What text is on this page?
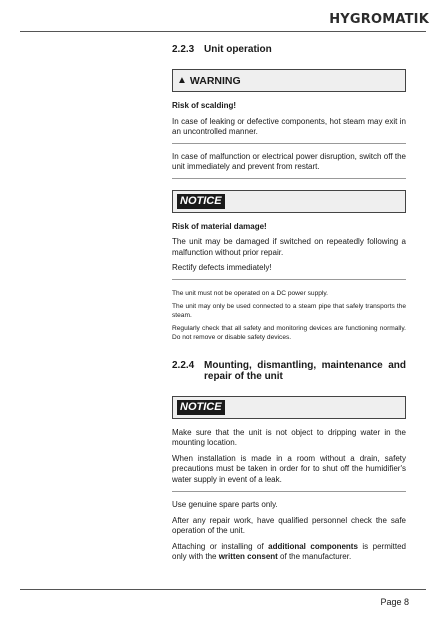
HYGROMATIK
2.2.3 Unit operation
▲ WARNING

Risk of scalding!

In case of leaking or defective components, hot steam may exit in an uncontrolled manner.

In case of malfunction or electrical power disruption, switch off the unit immediately and prevent from restart.

NOTICE

Risk of material damage!

The unit may be damaged if switched on repeatedly following a malfunction without prior repair.

Rectify defects immediately!

The unit must not be operated on a DC power supply.

The unit may only be used connected to a steam pipe that safely transports the steam.

Regularly check that all safety and monitoring devices are functioning normally. Do not remove or disable safety devices.

2.2.4 Mounting, dismantling, maintenance and repair of the unit
NOTICE

Make sure that the unit is not object to dripping water in the mounting location.

When installation is made in a room without a drain, safety precautions must be taken in order for to shut off the humidifier's water supply in event of a leak.

Use genuine spare parts only.

After any repair work, have qualified personnel check the safe operation of the unit.

Attaching or installing of additional components is permitted only with the written consent of the manufacturer.

Page 8
